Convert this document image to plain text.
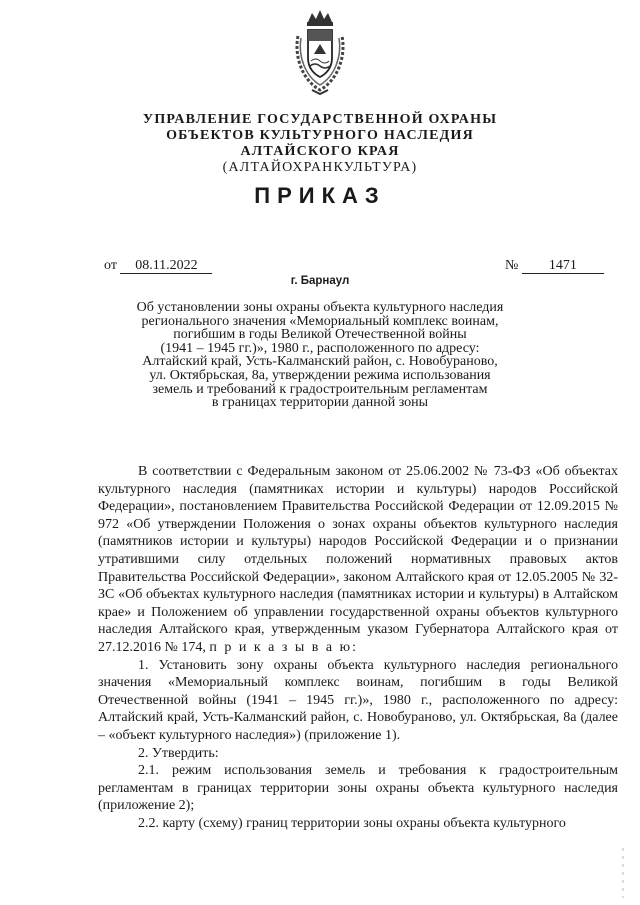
УПРАВЛЕНИЕ ГОСУДАРСТВЕННОЙ ОХРАНЫ
ОБЪЕКТОВ КУЛЬТУРНОГО НАСЛЕДИЯ
АЛТАЙСКОГО КРАЯ
(АЛТАЙОХРАНКУЛЬТУРА)
ПРИКАЗ
от 08.11.2022	№ 1471
г. Барнаул
Об установлении зоны охраны объекта культурного наследия
регионального значения «Мемориальный комплекс воинам,
погибшим в годы Великой Отечественной войны
(1941 – 1945 гг.)», 1980 г., расположенного по адресу:
Алтайский край, Усть-Калманский район, с. Новобураново,
ул. Октябрьская, 8а, утверждении режима использования
земель и требований к градостроительным регламентам
в границах территории данной зоны

В соответствии с Федеральным законом от 25.06.2002 № 73-ФЗ «Об объектах культурного наследия (памятниках истории и культуры) народов Российской Федерации», постановлением Правительства Российской Федерации от 12.09.2015 № 972 «Об утверждении Положения о зонах охраны объектов культурного наследия (памятников истории и культуры) народов Российской Федерации и о признании утратившими силу отдельных положений нормативных правовых актов Правительства Российской Федерации», законом Алтайского края от 12.05.2005 № 32-ЗС «Об объектах культурного наследия (памятниках истории и культуры) в Алтайском крае» и Положением об управлении государственной охраны объектов культурного наследия Алтайского края, утвержденным указом Губернатора Алтайского края от 27.12.2016 № 174, п р и к а з ы в а ю:

1. Установить зону охраны объекта культурного наследия регионального значения «Мемориальный комплекс воинам, погибшим в годы Великой Отечественной войны (1941 – 1945 гг.)», 1980 г., расположенного по адресу: Алтайский край, Усть-Калманский район, с. Новобураново, ул. Октябрьская, 8а (далее – «объект культурного наследия») (приложение 1).

2. Утвердить:

2.1. режим использования земель и требования к градостроительным регламентам в границах территории зоны охраны объекта культурного наследия (приложение 2);

2.2. карту (схему) границ территории зоны охраны объекта культурного
